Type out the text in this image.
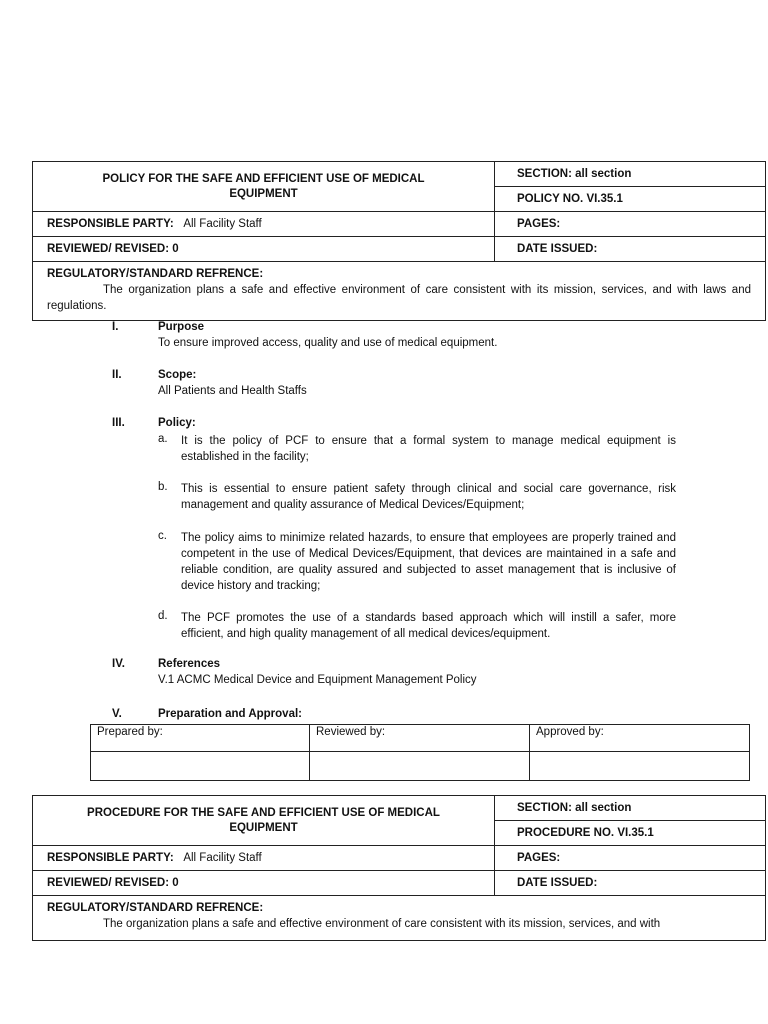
POLICY FOR THE SAFE AND EFFICIENT USE OF MEDICAL EQUIPMENT	SECTION: all section
	POLICY NO. VI.35.1
RESPONSIBLE PARTY: All Facility Staff	PAGES:
REVIEWED/ REVISED: 0	DATE ISSUED:

REGULATORY/STANDARD REFRENCE:
The organization plans a safe and effective environment of care consistent with its mission, services, and with laws and regulations.	
I.	Purpose
To ensure improved access, quality and use of medical equipment.
II.	Scope:
All Patients and Health Staffs
III.	Policy:
a. It is the policy of PCF to ensure that a formal system to manage medical equipment is established in the facility;
b. This is essential to ensure patient safety through clinical and social care governance, risk management and quality assurance of Medical Devices/Equipment;
c. The policy aims to minimize related hazards, to ensure that employees are properly trained and competent in the use of Medical Devices/Equipment, that devices are maintained in a safe and reliable condition, are quality assured and subjected to asset management that is inclusive of device history and tracking;
d. The PCF promotes the use of a standards based approach which will instill a safer, more efficient, and high quality management of all medical devices/equipment.
IV.	References
V.1 ACMC Medical Device and Equipment Management Policy
V.	Preparation and Approval:
Prepared by:	Reviewed by:	Approved by:

PROCEDURE FOR THE SAFE AND EFFICIENT USE OF MEDICAL EQUIPMENT	SECTION: all section
	PROCEDURE NO. VI.35.1
RESPONSIBLE PARTY: All Facility Staff	PAGES:
REVIEWED/ REVISED: 0	DATE ISSUED:

REGULATORY/STANDARD REFRENCE:
The organization plans a safe and effective environment of care consistent with its mission, services, and with	
